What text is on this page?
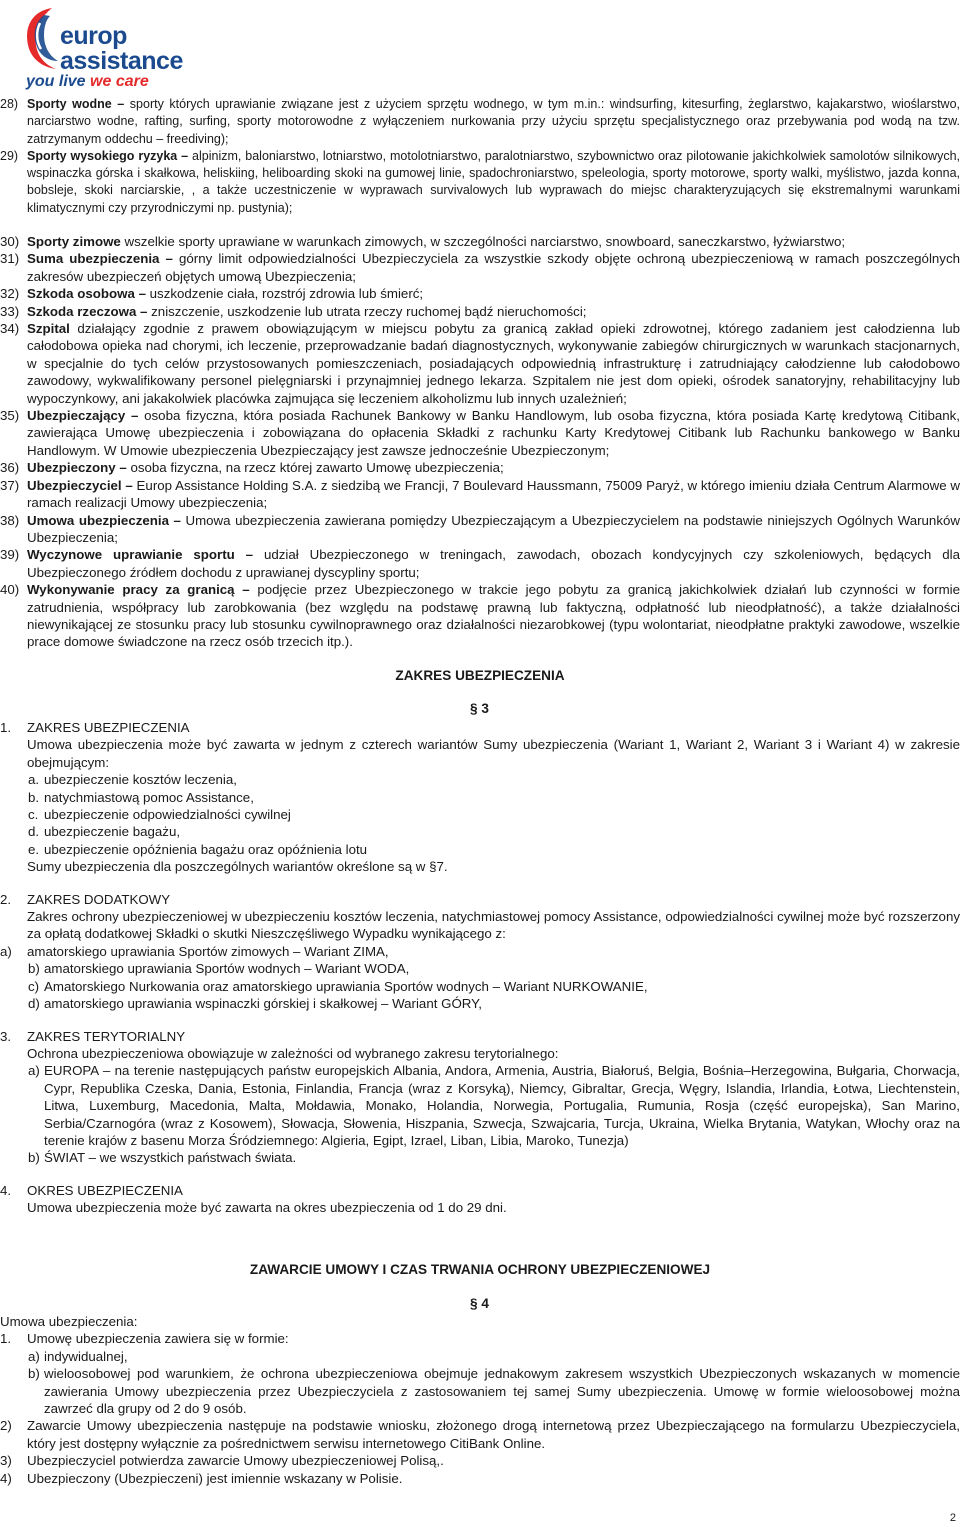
europ
assistance
you live we care
28) Sporty wodne – sporty których uprawianie związane jest z użyciem sprzętu wodnego, w tym m.in.: windsurfing, kitesurfing, żeglarstwo, kajakarstwo, wioślarstwo, narciarstwo wodne, rafting, surfing, sporty motorowodne z wyłączeniem nurkowania przy użyciu sprzętu specjalistycznego oraz przebywania pod wodą na tzw. zatrzymanym oddechu – freediving);
29) Sporty wysokiego ryzyka – alpinizm, baloniarstwo, lotniarstwo, motolotniarstwo, paralotniarstwo, szybownictwo oraz pilotowanie jakichkolwiek samolotów silnikowych, wspinaczka górska i skałkowa, heliskiing, heliboarding skoki na gumowej linie, spadochroniarstwo, speleologia, sporty motorowe, sporty walki, myślistwo, jazda konna, bobsleje, skoki narciarskie, , a także uczestniczenie w wyprawach survivalowych lub wyprawach do miejsc charakteryzujących się ekstremalnymi warunkami klimatycznymi czy przyrodniczymi np. pustynia);
30) Sporty zimowe wszelkie sporty uprawiane w warunkach zimowych, w szczególności narciarstwo, snowboard, saneczkarstwo, łyżwiarstwo;
31) Suma ubezpieczenia – górny limit odpowiedzialności Ubezpieczyciela za wszystkie szkody objęte ochroną ubezpieczeniową w ramach poszczególnych zakresów ubezpieczeń objętych umową Ubezpieczenia;
32) Szkoda osobowa – uszkodzenie ciała, rozstrój zdrowia lub śmierć;
33) Szkoda rzeczowa – zniszczenie, uszkodzenie lub utrata rzeczy ruchomej bądź nieruchomości;
34) Szpital działający zgodnie z prawem obowiązującym w miejscu pobytu za granicą zakład opieki zdrowotnej, którego zadaniem jest całodzienna lub całodobowa opieka nad chorymi, ich leczenie, przeprowadzanie badań diagnostycznych, wykonywanie zabiegów chirurgicznych w warunkach stacjonarnych, w specjalnie do tych celów przystosowanych pomieszczeniach, posiadających odpowiednią infrastrukturę i zatrudniający całodzienne lub całodobowo zawodowy, wykwalifikowany personel pielęgniarski i przynajmniej jednego lekarza. Szpitalem nie jest dom opieki, ośrodek sanatoryjny, rehabilitacyjny lub wypoczynkowy, ani jakakolwiek placówka zajmująca się leczeniem alkoholizmu lub innych uzależnień;
35) Ubezpieczający – osoba fizyczna, która posiada Rachunek Bankowy w Banku Handlowym, lub osoba fizyczna, która posiada Kartę kredytową Citibank, zawierająca Umowę ubezpieczenia i zobowiązana do opłacenia Składki z rachunku Karty Kredytowej Citibank lub Rachunku bankowego w Banku Handlowym. W Umowie ubezpieczenia Ubezpieczający jest zawsze jednocześnie Ubezpieczonym;
36) Ubezpieczony – osoba fizyczna, na rzecz której zawarto Umowę ubezpieczenia;
37) Ubezpieczyciel – Europ Assistance Holding S.A. z siedzibą we Francji, 7 Boulevard Haussmann, 75009 Paryż, w którego imieniu działa Centrum Alarmowe w ramach realizacji Umowy ubezpieczenia;
38) Umowa ubezpieczenia – Umowa ubezpieczenia zawierana pomiędzy Ubezpieczającym a Ubezpieczycielem na podstawie niniejszych Ogólnych Warunków Ubezpieczenia;
39) Wyczynowe uprawianie sportu – udział Ubezpieczonego w treningach, zawodach, obozach kondycyjnych czy szkoleniowych, będących dla Ubezpieczonego źródłem dochodu z uprawianej dyscypliny sportu;
40) Wykonywanie pracy za granicą – podjęcie przez Ubezpieczonego w trakcie jego pobytu za granicą jakichkolwiek działań lub czynności w formie zatrudnienia, współpracy lub zarobkowania (bez względu na podstawę prawną lub faktyczną, odpłatność lub nieodpłatność), a także działalności niewynikającej ze stosunku pracy lub stosunku cywilnoprawnego oraz działalności niezarobkowej (typu wolontariat, nieodpłatne praktyki zawodowe, wszelkie prace domowe świadczone na rzecz osób trzecich itp.).
ZAKRES UBEZPIECZENIA
§ 3
1. ZAKRES UBEZPIECZENIA
Umowa ubezpieczenia może być zawarta w jednym z czterech wariantów Sumy ubezpieczenia (Wariant 1, Wariant 2, Wariant 3 i Wariant 4) w zakresie obejmującym:
a. ubezpieczenie kosztów leczenia,
b. natychmiastową pomoc Assistance,
c. ubezpieczenie odpowiedzialności cywilnej
d. ubezpieczenie bagażu,
e. ubezpieczenie opóźnienia bagażu oraz opóźnienia lotu
Sumy ubezpieczenia dla poszczególnych wariantów określone są w §7.
2. ZAKRES DODATKOWY
Zakres ochrony ubezpieczeniowej w ubezpieczeniu kosztów leczenia, natychmiastowej pomocy Assistance, odpowiedzialności cywilnej może być rozszerzony za opłatą dodatkowej Składki o skutki Nieszczęśliwego Wypadku wynikającego z:
a) amatorskiego uprawiania Sportów zimowych – Wariant ZIMA,
b) amatorskiego uprawiania Sportów wodnych – Wariant WODA,
c) Amatorskiego Nurkowania oraz amatorskiego uprawiania Sportów wodnych – Wariant NURKOWANIE,
d) amatorskiego uprawiania wspinaczki górskiej i skałkowej – Wariant GÓRY,
3. ZAKRES TERYTORIALNY
Ochrona ubezpieczeniowa obowiązuje w zależności od wybranego zakresu terytorialnego:
a) EUROPA – na terenie następujących państw europejskich Albania, Andora, Armenia, Austria, Białoruś, Belgia, Bośnia–Herzegowina, Bułgaria, Chorwacja, Cypr, Republika Czeska, Dania, Estonia, Finlandia, Francja (wraz z Korsyką), Niemcy, Gibraltar, Grecja, Węgry, Islandia, Irlandia, Łotwa, Liechtenstein, Litwa, Luxemburg, Macedonia, Malta, Mołdawia, Monako, Holandia, Norwegia, Portugalia, Rumunia, Rosja (część europejska), San Marino, Serbia/Czarnogóra (wraz z Kosowem), Słowacja, Słowenia, Hiszpania, Szwecja, Szwajcaria, Turcja, Ukraina, Wielka Brytania, Watykan, Włochy oraz na terenie krajów z basenu Morza Śródziemnego: Algieria, Egipt, Izrael, Liban, Libia, Maroko, Tunezja)
b) ŚWIAT – we wszystkich państwach świata.
4. OKRES UBEZPIECZENIA
Umowa ubezpieczenia może być zawarta na okres ubezpieczenia od 1 do 29 dni.
ZAWARCIE UMOWY I CZAS TRWANIA OCHRONY UBEZPIECZENIOWEJ
§ 4
Umowa ubezpieczenia:
1. Umowę ubezpieczenia zawiera się w formie:
a) indywidualnej,
b) wieloosobowej pod warunkiem, że ochrona ubezpieczeniowa obejmuje jednakowym zakresem wszystkich Ubezpieczonych wskazanych w momencie zawierania Umowy ubezpieczenia przez Ubezpieczyciela z zastosowaniem tej samej Sumy ubezpieczenia. Umowę w formie wieloosobowej można zawrzeć dla grupy od 2 do 9 osób.
2) Zawarcie Umowy ubezpieczenia następuje na podstawie wniosku, złożonego drogą internetową przez Ubezpieczającego na formularzu Ubezpieczyciela, który jest dostępny wyłącznie za pośrednictwem serwisu internetowego CitiBank Online.
3) Ubezpieczyciel potwierdza zawarcie Umowy ubezpieczeniowej Polisą,.
4) Ubezpieczony (Ubezpieczeni) jest imiennie wskazany w Polisie.
2
